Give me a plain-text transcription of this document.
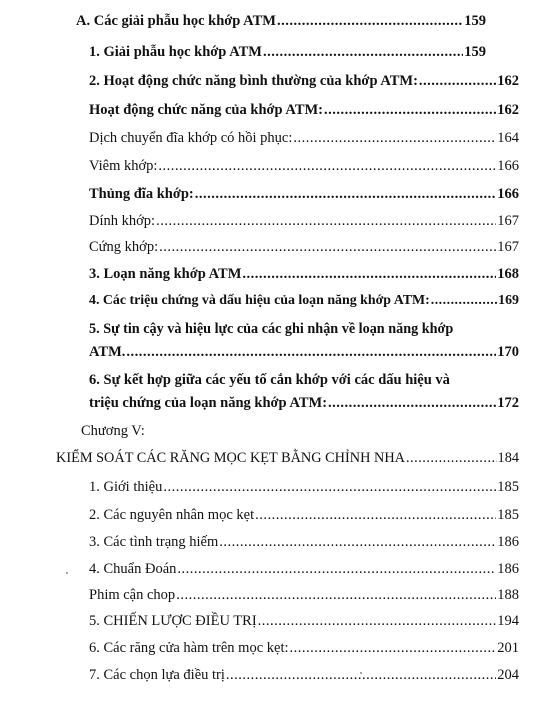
A. Các giải phẫu học khớp ATM .....	159
1. Giải phẫu học khớp ATM .....	159
2. Hoạt động chức năng bình thường của khớp ATM: .....	162
Hoạt động chức năng của khớp ATM: .....	162
Dịch chuyển đĩa khớp có hồi phục: .....	164
Viêm khớp: .....	166
Thủng đĩa khớp: .....	166
Dính khớp: .....	167
Cứng khớp: .....	167
3. Loạn năng khớp ATM .....	168
4. Các triệu chứng và dấu hiệu của loạn năng khớp ATM: .....	169
5. Sự tin cậy và hiệu lực của các ghi nhận về loạn năng khớp
ATM. .....	170
6. Sự kết hợp giữa các yếu tố cắn khớp với các dấu hiệu và
triệu chứng của loạn năng khớp ATM: .....	172
Chương V:
KIỂM SOÁT CÁC RĂNG MỌC KẸT BẰNG CHỈNH NHA .....	184
1. Giới thiệu .....	185
2. Các nguyên nhân mọc kẹt .....	185
3. Các tình trạng hiếm .....	186
4. Chuẩn Đoán .....	186
Phim cận chop .....	188
5. CHIẾN LƯỢC ĐIỀU TRỊ .....	194
6. Các răng cửa hàm trên mọc kẹt: .....	201
7. Các chọn lựa điều trị .....	204
